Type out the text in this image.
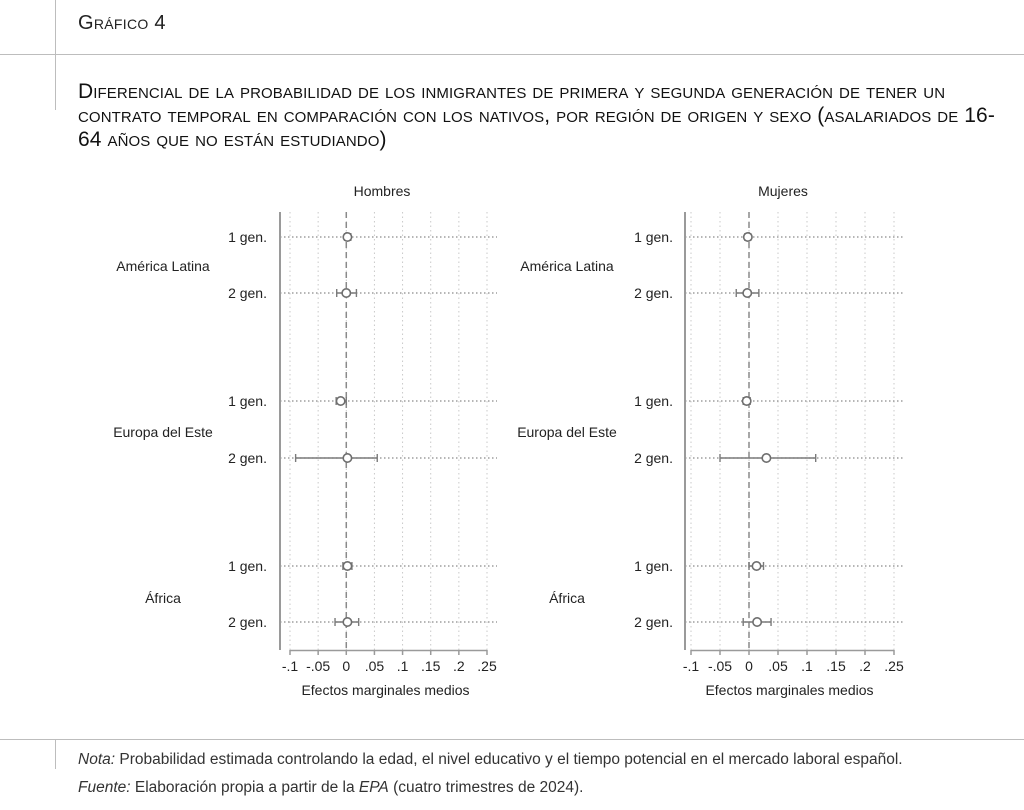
Gráfico 4
Diferencial de la probabilidad de los inmigrantes de primera y segunda generación de tener un contrato temporal en comparación con los nativos, por región de origen y sexo (asalariados de 16-64 años que no están estudiando)
Hombres
-.1 -.05 0 .05 .1 .15 .2 .25
Efectos marginales medios
1 gen.
2 gen.
1 gen.
2 gen.
1 gen.
2 gen.
América Latina
Europa del Este
África
Mujeres
-.1 -.05 0 .05 .1 .15 .2 .25
Efectos marginales medios
1 gen.
2 gen.
1 gen.
2 gen.
1 gen.
2 gen.
América Latina
Europa del Este
África
Nota: Probabilidad estimada controlando la edad, el nivel educativo y el tiempo potencial en el mercado laboral español.
Fuente: Elaboración propia a partir de la EPA (cuatro trimestres de 2024).
